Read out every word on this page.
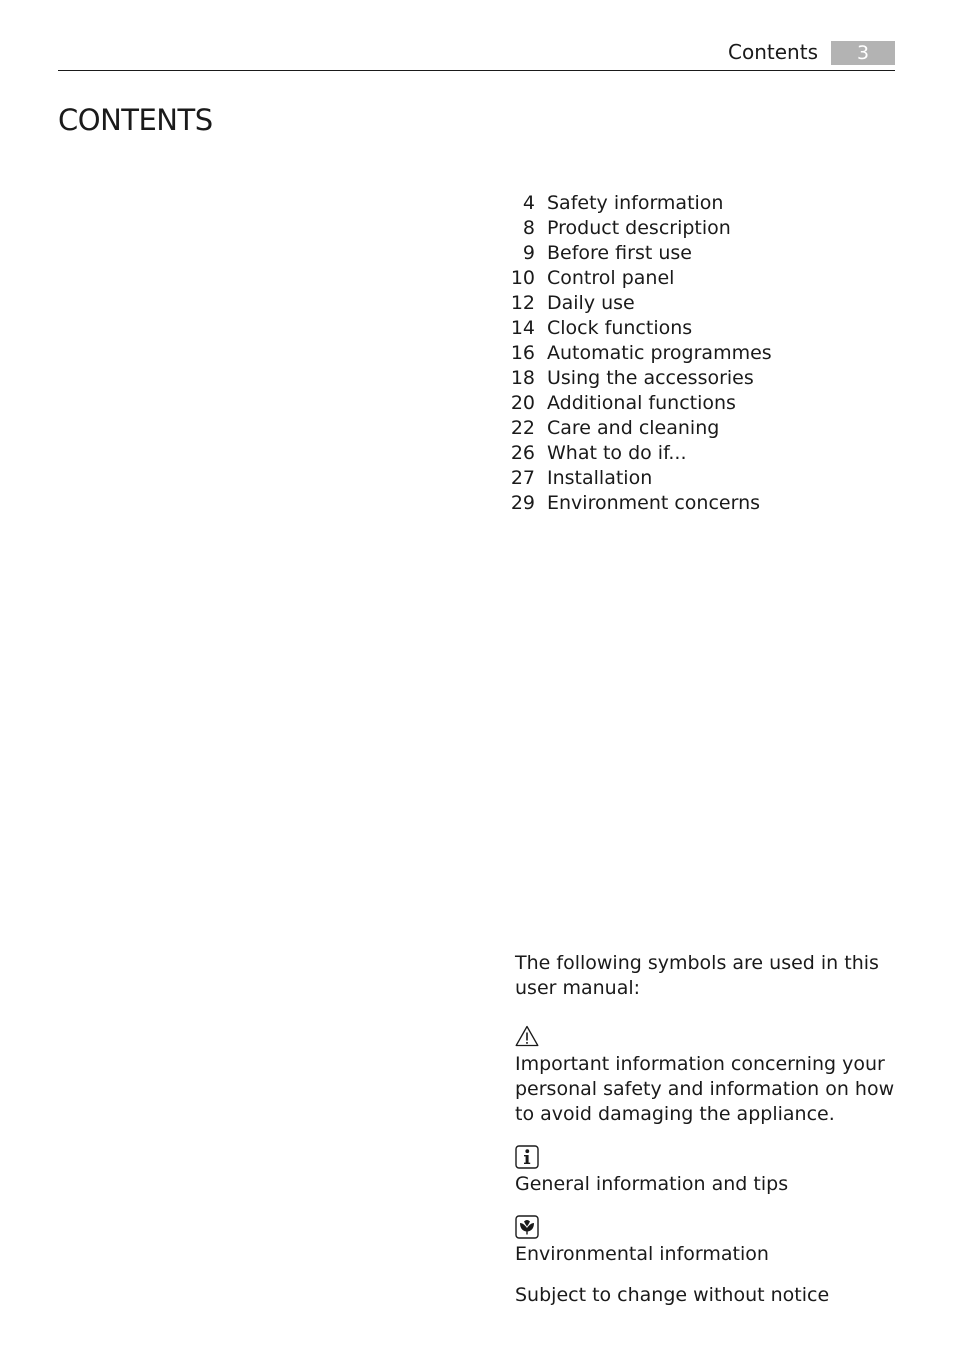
Contents	3
CONTENTS
4 Safety information
8 Product description
9 Before first use
10 Control panel
12 Daily use
14 Clock functions
16 Automatic programmes
18 Using the accessories
20 Additional functions
22 Care and cleaning
26 What to do if...
27 Installation
29 Environment concerns

The following symbols are used in this user manual:

Important information concerning your personal safety and information on how to avoid damaging the appliance.

General information and tips

Environmental information

Subject to change without notice
